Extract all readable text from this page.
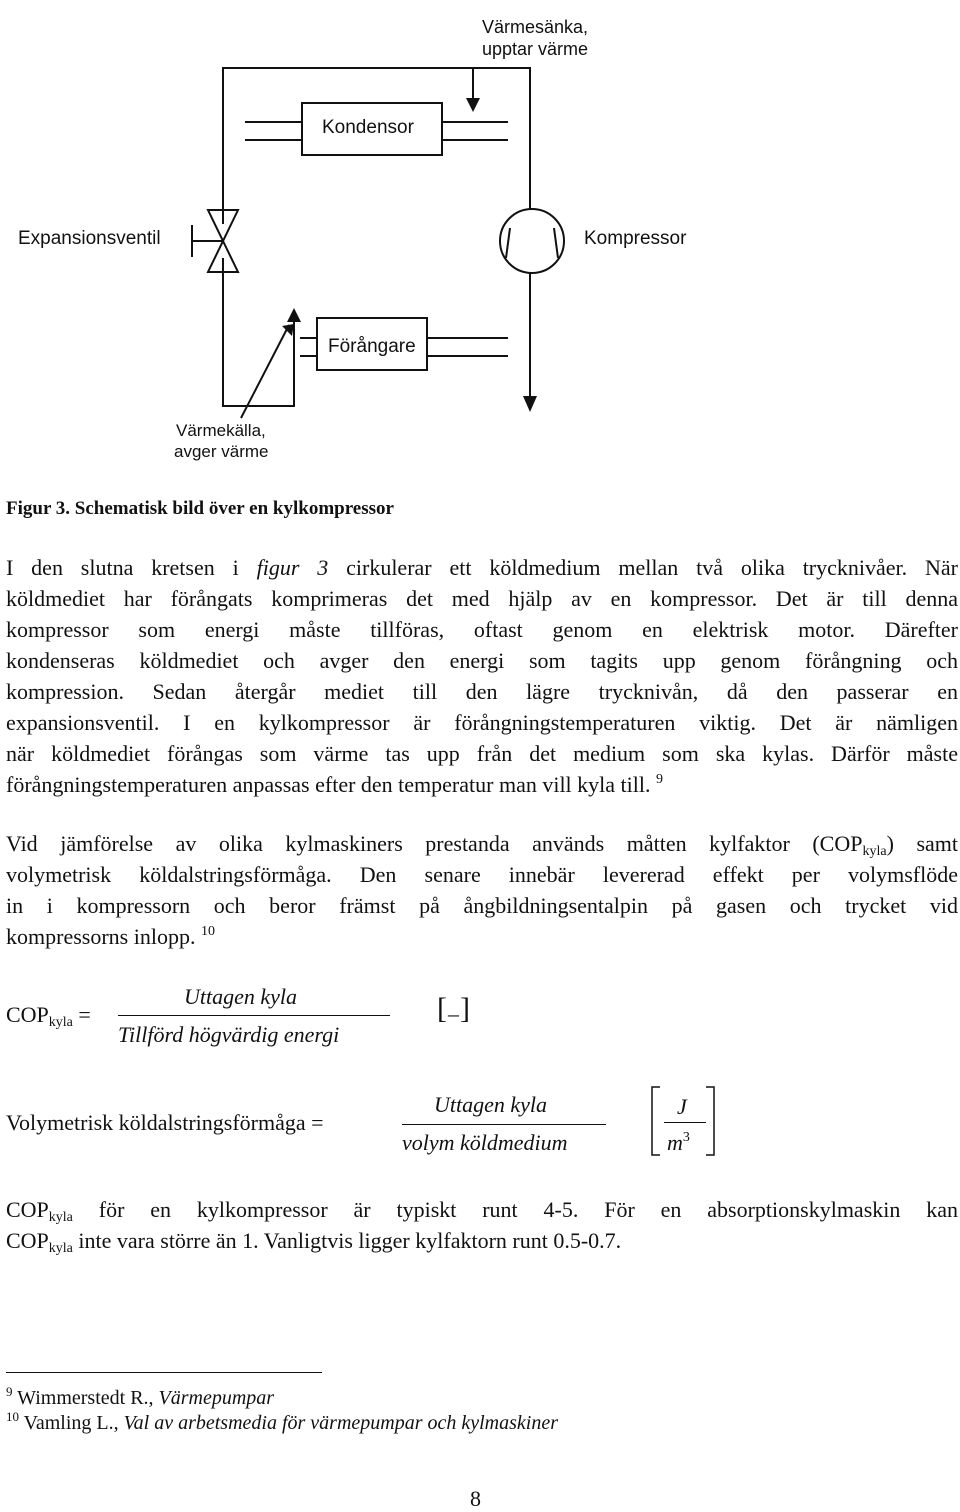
Värmesänka,
upptar värme
Kondensor
Expansionsventil	Kompressor
Förångare
Värmekälla,
avger värme
Figur 3. Schematisk bild över en kylkompressor
I den slutna kretsen i figur 3 cirkulerar ett köldmedium mellan två olika trycknivåer. När
köldmediet har förångats komprimeras det med hjälp av en kompressor. Det är till denna
kompressor som energi måste tillföras, oftast genom en elektrisk motor. Därefter
kondenseras köldmediet och avger den energi som tagits upp genom förångning och
kompression. Sedan återgår mediet till den lägre trycknivån, då den passerar en
expansionsventil. I en kylkompressor är förångningstemperaturen viktig. Det är nämligen
när köldmediet förångas som värme tas upp från det medium som ska kylas. Därför måste
förångningstemperaturen anpassas efter den temperatur man vill kyla till. $^9$
Vid jämförelse av olika kylmaskiners prestanda används måtten kylfaktor $(COP_{kyla})$ samt
volymetrisk köldalstringsförmåga. Den senare innebär levererad effekt per volymsflöde
in i kompressorn och beror främst på ångbildningsentalpin på gasen och trycket vid
kompressorns inlopp. $^{10}$
$COP_{kyla}$ =
Uttagen kyla
Tillförd högvärdig energi
[ – ]
Volymetrisk köldalstringsförmåga =
Uttagen kyla
volym köldmedium
J
$m^3$
$COP_{kyla}$ för en kylkompressor är typiskt runt 4-5. För en absorptionskylmaskin kan
$COP_{kyla}$ inte vara större än 1. Vanligtvis ligger kylfaktorn runt 0.5-0.7.
$^9$ Wimmerstedt R., Värmepumpar
$^{10}$ Vamling L., Val av arbetsmedia för värmepumpar och kylmaskiner
8
